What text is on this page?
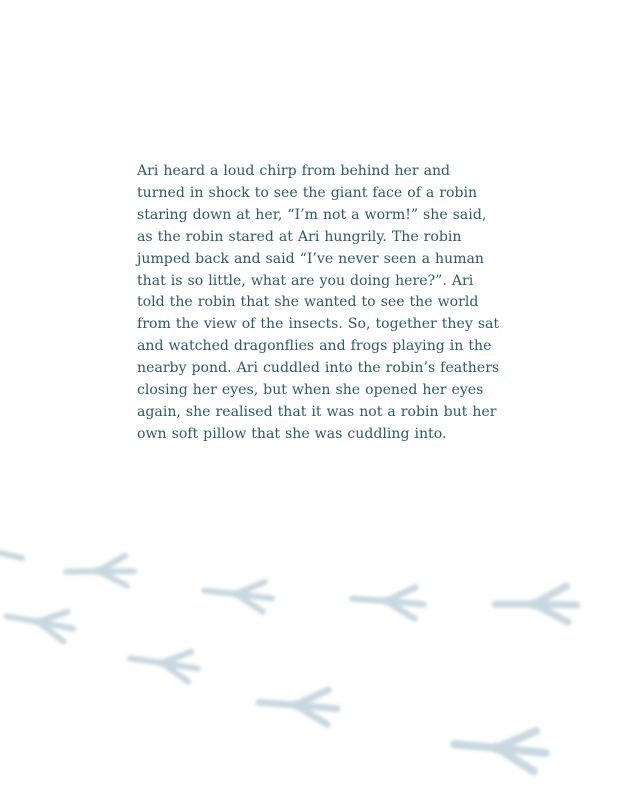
Ari heard a loud chirp from behind her and
turned in shock to see the giant face of a robin
staring down at her, “I’m not a worm!” she said,
as the robin stared at Ari hungrily. The robin
jumped back and said “I’ve never seen a human
that is so little, what are you doing here?”. Ari
told the robin that she wanted to see the world
from the view of the insects. So, together they sat
and watched dragonflies and frogs playing in the
nearby pond. Ari cuddled into the robin’s feathers
closing her eyes, but when she opened her eyes
again, she realised that it was not a robin but her
own soft pillow that she was cuddling into.
